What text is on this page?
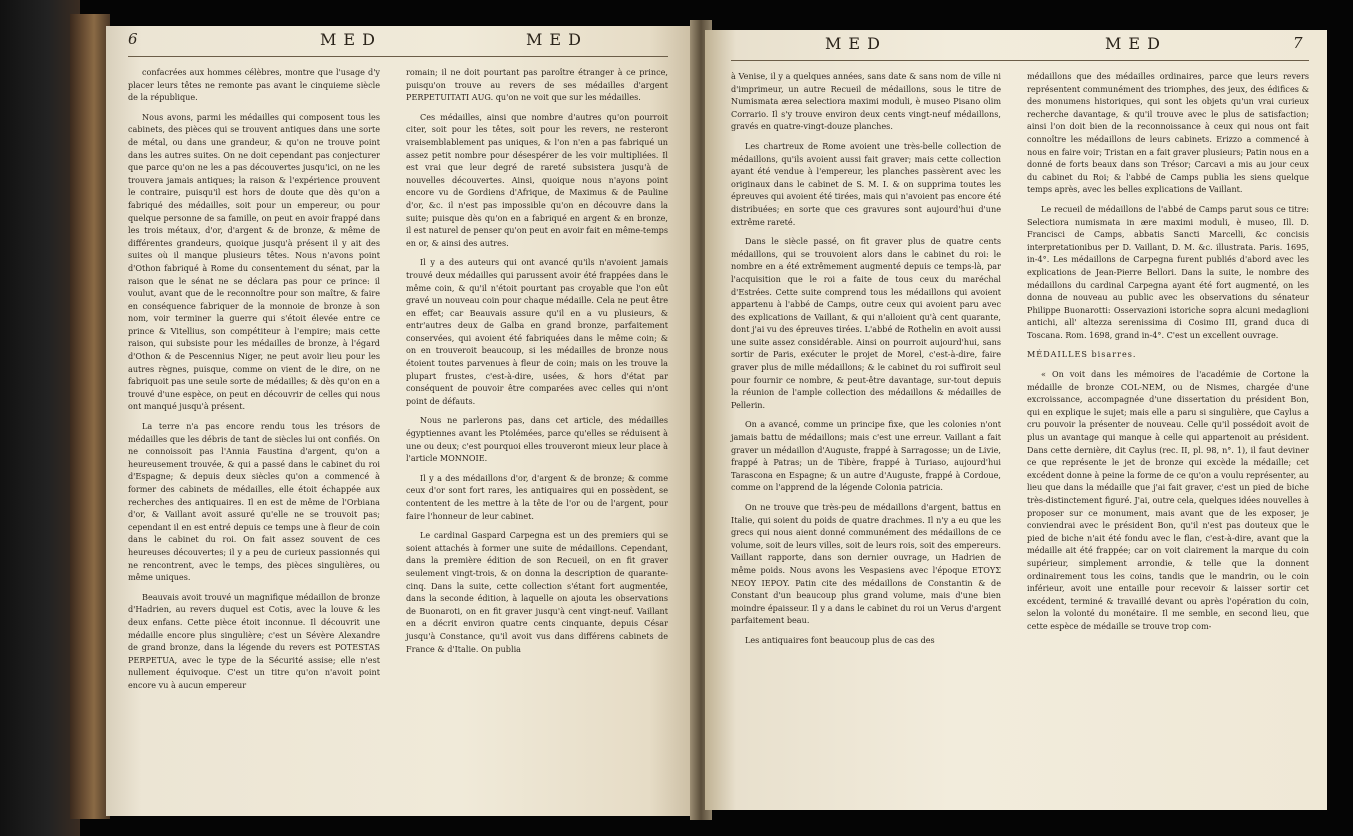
6	MED	MED

confacrées aux hommes célèbres, montre que l'usage d'y placer leurs têtes ne remonte pas avant le cinquieme siècle de la république.

Nous avons, parmi les médailles qui composent tous les cabinets, des pièces qui se trouvent antiques dans une sorte de métal, ou dans une grandeur, & qu'on ne trouve point dans les autres suites. On ne doit cependant pas conjecturer que parce qu'on ne les a pas découvertes jusqu'ici, on ne les trouvera jamais antiques; la raison & l'expérience prouvent le contraire, puisqu'il est hors de doute que dès qu'on a fabriqué des médailles, soit pour un empereur, ou pour quelque personne de sa famille, on peut en avoir frappé dans les trois métaux, d'or, d'argent & de bronze, & même de différentes grandeurs, quoique jusqu'à présent il y ait des suites où il manque plusieurs têtes. Nous n'avons point d'Othon fabriqué à Rome du consentement du sénat, par la raison que le sénat ne se déclara pas pour ce prince: il voulut, avant que de le reconnoître pour son maître, & faire en conséquence fabriquer de la monnoie de bronze à son nom, voir terminer la guerre qui s'étoit élevée entre ce prince & Vitellius, son compétiteur à l'empire; mais cette raison, qui subsiste pour les médailles de bronze, à l'égard d'Othon & de Pescennius Niger, ne peut avoir lieu pour les autres règnes, puisque, comme on vient de le dire, on ne fabriquoit pas une seule sorte de médailles; & dès qu'on en a trouvé d'une espèce, on peut en découvrir de celles qui nous ont manqué jusqu'à présent.

La terre n'a pas encore rendu tous les trésors de médailles que les débris de tant de siècles lui ont confiés. On ne connoissoit pas l'Annia Faustina d'argent, qu'on a heureusement trouvée, & qui a passé dans le cabinet du roi d'Espagne; & depuis deux siècles qu'on a commencé à former des cabinets de médailles, elle étoit échappée aux recherches des antiquaires. Il en est de même de l'Orbiana d'or, & Vaillant avoit assuré qu'elle ne se trouvoit pas; cependant il en est entré depuis ce temps une à fleur de coin dans le cabinet du roi. On fait assez souvent de ces heureuses découvertes; il y a peu de curieux passionnés qui ne rencontrent, avec le temps, des pièces singulières, ou même uniques.

Beauvais avoit trouvé un magnifique médaillon de bronze d'Hadrien, au revers duquel est Cotis, avec la louve & les deux enfans. Cette pièce étoit inconnue. Il découvrit une médaille encore plus singulière; c'est un Sévère Alexandre de grand bronze, dans la légende du revers est POTESTAS PERPETUA, avec le type de la Sécurité assise; elle n'est nullement équivoque. C'est un titre qu'on n'avoit point encore vu à aucun empereur

romain; il ne doit pourtant pas paroître étranger à ce prince, puisqu'on trouve au revers de ses médailles d'argent PERPETUITATI AUG. qu'on ne voit que sur les médailles.

Ces médailles, ainsi que nombre d'autres qu'on pourroit citer, soit pour les têtes, soit pour les revers, ne resteront vraisemblablement pas uniques, & l'on n'en a pas fabriqué un assez petit nombre pour désespérer de les voir multipliées. Il est vrai que leur degré de rareté subsistera jusqu'à de nouvelles découvertes. Ainsi, quoique nous n'ayons point encore vu de Gordiens d'Afrique, de Maximus & de Pauline d'or, &c. il n'est pas impossible qu'on en découvre dans la suite; puisque dès qu'on en a fabriqué en argent & en bronze, il est naturel de penser qu'on peut en avoir fait en même-temps en or, & ainsi des autres.

Il y a des auteurs qui ont avancé qu'ils n'avoient jamais trouvé deux médailles qui parussent avoir été frappées dans le même coin, & qu'il n'étoit pourtant pas croyable que l'on eût gravé un nouveau coin pour chaque médaille. Cela ne peut être en effet; car Beauvais assure qu'il en a vu plusieurs, & entr'autres deux de Galba en grand bronze, parfaitement conservées, qui avoient été fabriquées dans le même coin; & on en trouveroit beaucoup, si les médailles de bronze nous étoient toutes parvenues à fleur de coin; mais on les trouve la plupart frustes, c'est-à-dire, usées, & hors d'état par conséquent de pouvoir être comparées avec celles qui n'ont point de défauts.

Nous ne parlerons pas, dans cet article, des médailles égyptiennes avant les Ptolémées, parce qu'elles se réduisent à une ou deux; c'est pourquoi elles trouveront mieux leur place à l'article MONNOIE.

Il y a des médaillons d'or, d'argent & de bronze; & comme ceux d'or sont fort rares, les antiquaires qui en possèdent, se contentent de les mettre à la tête de l'or ou de l'argent, pour faire l'honneur de leur cabinet.

Le cardinal Gaspard Carpegna est un des premiers qui se soient attachés à former une suite de médaillons. Cependant, dans la première édition de son Recueil, on en fit graver seulement vingt-trois, & on donna la description de quarante-cinq. Dans la suite, cette collection s'étant fort augmentée, dans la seconde édition, à laquelle on ajouta les observations de Buonaroti, on en fit graver jusqu'à cent vingt-neuf. Vaillant en a décrit environ quatre cents cinquante, depuis César jusqu'à Constance, qu'il avoit vus dans différens cabinets de France & d'Italie. On publia

MED	MED	7

à Venise, il y a quelques années, sans date & sans nom de ville ni d'imprimeur, un autre Recueil de médaillons, sous le titre de Numismata ærea selectiora maximi moduli, è museo Pisano olim Corrario. Il s'y trouve environ deux cents vingt-neuf médaillons, gravés en quatre-vingt-douze planches.

Les chartreux de Rome avoient une très-belle collection de médaillons, qu'ils avoient aussi fait graver; mais cette collection ayant été vendue à l'empereur, les planches passèrent avec les originaux dans le cabinet de S. M. I. & on supprima toutes les épreuves qui avoient été tirées, mais qui n'avoient pas encore été distribuées; en sorte que ces gravures sont aujourd'hui d'une extrême rareté.

Dans le siècle passé, on fit graver plus de quatre cents médaillons, qui se trouvoient alors dans le cabinet du roi: le nombre en a été extrêmement augmenté depuis ce temps-là, par l'acquisition que le roi a faite de tous ceux du maréchal d'Estrées. Cette suite comprend tous les médaillons qui avoient appartenu à l'abbé de Camps, outre ceux qui avoient paru avec des explications de Vaillant, & qui n'alloient qu'à cent quarante, dont j'ai vu des épreuves tirées. L'abbé de Rothelin en avoit aussi une suite assez considérable. Ainsi on pourroit aujourd'hui, sans sortir de Paris, exécuter le projet de Morel, c'est-à-dire, faire graver plus de mille médaillons; & le cabinet du roi suffiroit seul pour fournir ce nombre, & peut-être davantage, sur-tout depuis la réunion de l'ample collection des médaillons & médailles de Pellerin.

On a avancé, comme un principe fixe, que les colonies n'ont jamais battu de médaillons; mais c'est une erreur. Vaillant a fait graver un médaillon d'Auguste, frappé à Sarragosse; un de Livie, frappé à Patras; un de Tibère, frappé à Turiaso, aujourd'hui Tarascona en Espagne; & un autre d'Auguste, frappé à Cordoue, comme on l'apprend de la légende Colonia patricia.

On ne trouve que très-peu de médaillons d'argent, battus en Italie, qui soient du poids de quatre drachmes. Il n'y a eu que les grecs qui nous aient donné communément des médaillons de ce volume, soit de leurs villes, soit de leurs rois, soit des empereurs. Vaillant rapporte, dans son dernier ouvrage, un Hadrien de même poids. Nous avons les Vespasiens avec l'époque ETOYΣ NEOY IEPOY. Patin cite des médaillons de Constantin & de Constant d'un beaucoup plus grand volume, mais d'une bien moindre épaisseur. Il y a dans le cabinet du roi un Verus d'argent parfaitement beau.

Les antiquaires font beaucoup plus de cas des

médaillons que des médailles ordinaires, parce que leurs revers représentent communément des triomphes, des jeux, des édifices & des monumens historiques, qui sont les objets qu'un vrai curieux recherche davantage, & qu'il trouve avec le plus de satisfaction; ainsi l'on doit bien de la reconnoissance à ceux qui nous ont fait connoître les médaillons de leurs cabinets. Erizzo a commencé à nous en faire voir; Tristan en a fait graver plusieurs; Patin nous en a donné de forts beaux dans son Trésor; Carcavi a mis au jour ceux du cabinet du Roi; & l'abbé de Camps publia les siens quelque temps après, avec les belles explications de Vaillant.

Le recueil de médaillons de l'abbé de Camps parut sous ce titre: Selectiora numismata in ære maximi moduli, è museo, Ill. D. Francisci de Camps, abbatis Sancti Marcelli, &c concisis interpretationibus per D. Vaillant, D. M. &c. illustrata. Paris. 1695, in-4°. Les médaillons de Carpegna furent publiés d'abord avec les explications de Jean-Pierre Bellori. Dans la suite, le nombre des médaillons du cardinal Carpegna ayant été fort augmenté, on les donna de nouveau au public avec les observations du sénateur Philippe Buonarotti: Osservazioni istoriche sopra alcuni medaglioni antichi, all' altezza serenissima di Cosimo III, grand duca di Toscana. Rom. 1698, grand in-4°. C'est un excellent ouvrage.

MÉDAILLES bisarres.

« On voit dans les mémoires de l'académie de Cortone la médaille de bronze COL-NEM, ou de Nismes, chargée d'une excroissance, accompagnée d'une dissertation du président Bon, qui en explique le sujet; mais elle a paru si singulière, que Caylus a cru pouvoir la présenter de nouveau. Celle qu'il possédoit avoit de plus un avantage qui manque à celle qui appartenoit au président. Dans cette dernière, dit Caylus (rec. II, pl. 98, n°. 1), il faut deviner ce que représente le jet de bronze qui excède la médaille; cet excédent donne à peine la forme de ce qu'on a voulu représenter, au lieu que dans la médaille que j'ai fait graver, c'est un pied de biche très-distinctement figuré. J'ai, outre cela, quelques idées nouvelles à proposer sur ce monument, mais avant que de les exposer, je conviendrai avec le président Bon, qu'il n'est pas douteux que le pied de biche n'ait été fondu avec le flan, c'est-à-dire, avant que la médaille ait été frappée; car on voit clairement la marque du coin supérieur, simplement arrondie, & telle que la donnent ordinairement tous les coins, tandis que le mandrin, ou le coin inférieur, avoit une entaille pour recevoir & laisser sortir cet excédent, terminé & travaillé devant ou après l'opération du coin, selon la volonté du monétaire. Il me semble, en second lieu, que cette espèce de médaille se trouve trop com-
